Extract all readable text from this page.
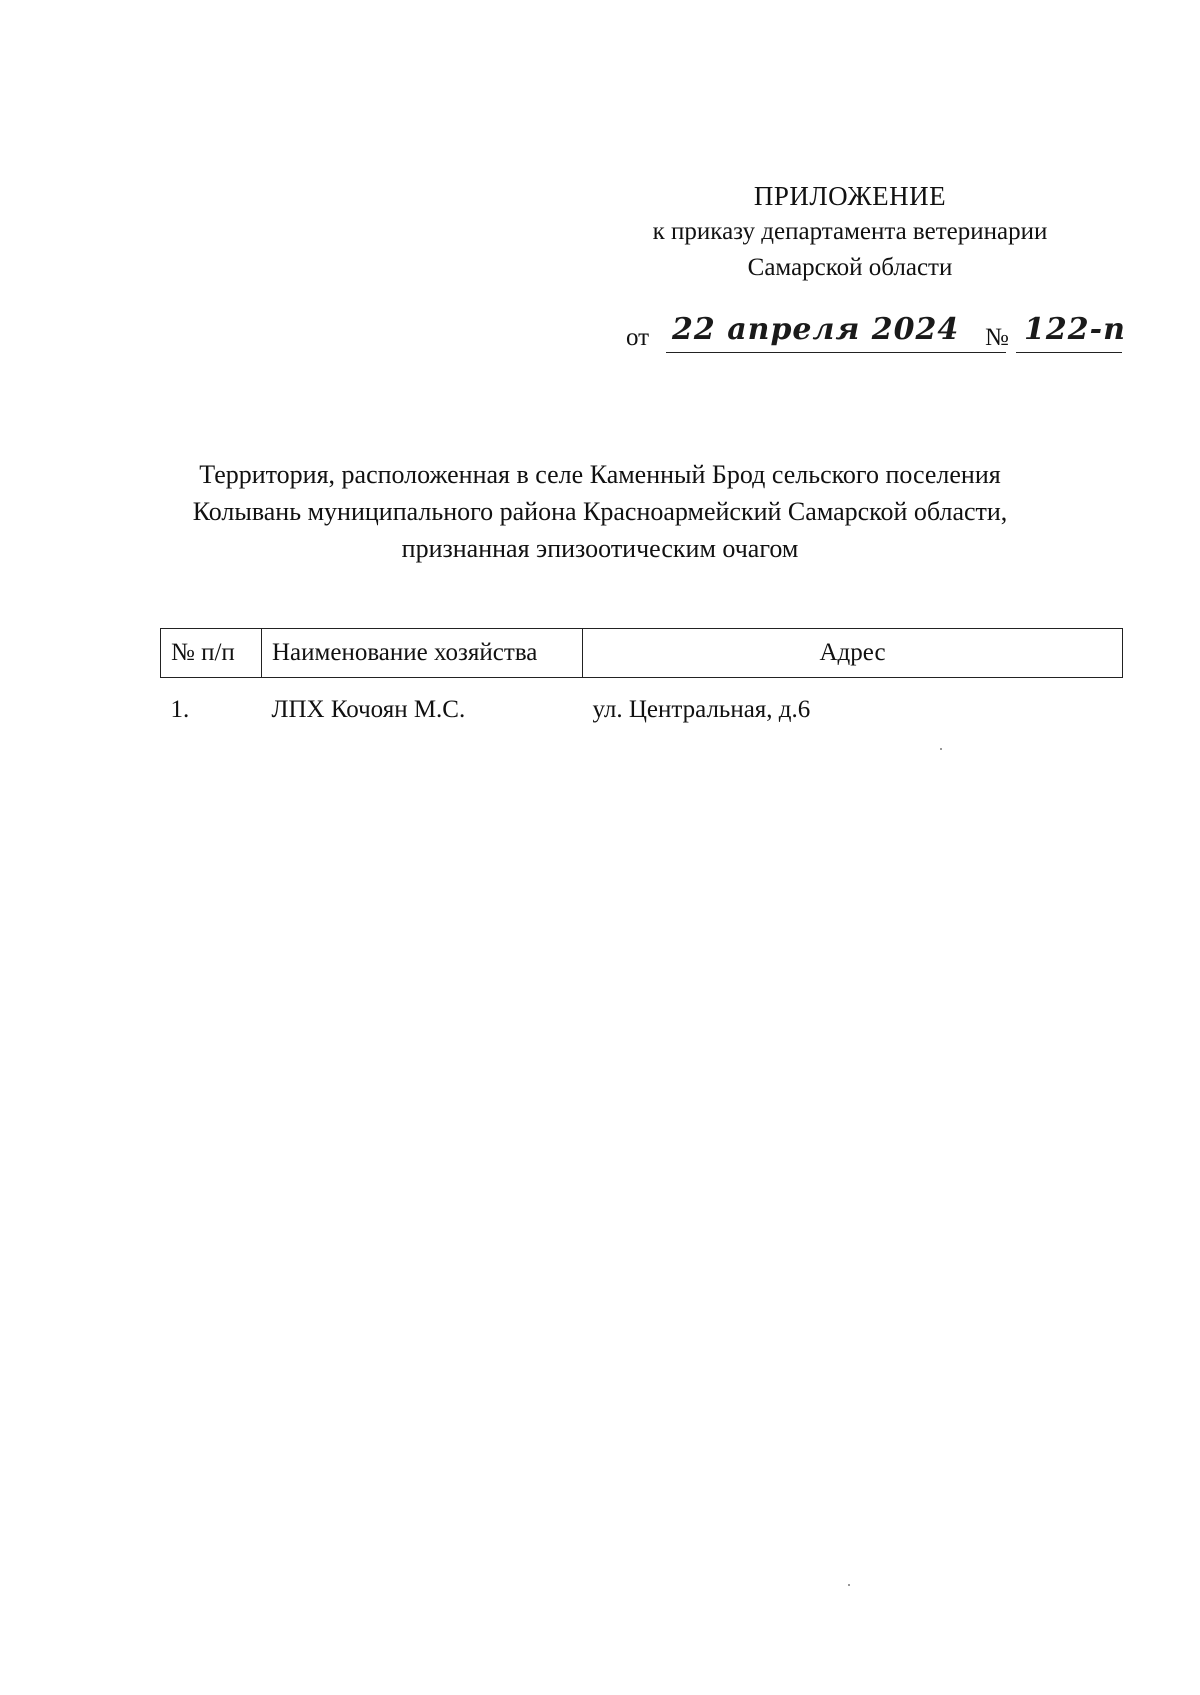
ПРИЛОЖЕНИЕ
к приказу департамента ветеринарии
Самарской области
от 22 апреля 2024 № 122-п
Территория, расположенная в селе Каменный Брод сельского поселения
Колывань муниципального района Красноармейский Самарской области,
признанная эпизоотическим очагом
№ п/п	Наименование хозяйства	Адрес
1.	ЛПХ Кочоян М.С.	ул. Центральная, д.6
